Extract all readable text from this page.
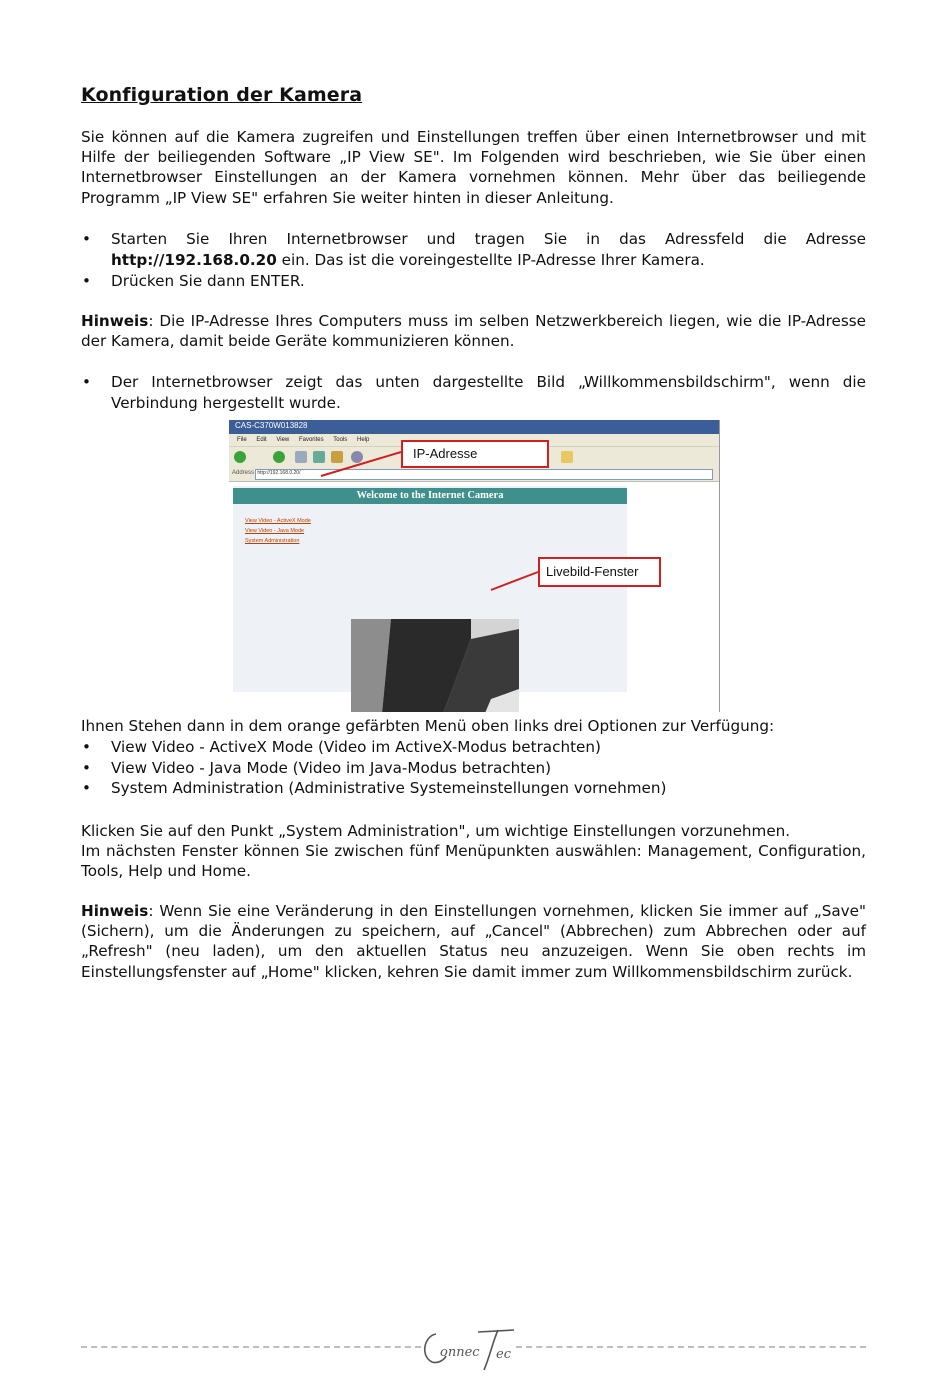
Konfiguration der Kamera

Sie können auf die Kamera zugreifen und Einstellungen treffen über einen Internetbrowser und mit Hilfe der beiliegenden Software „IP View SE". Im Folgenden wird beschrieben, wie Sie über einen Internetbrowser Einstellungen an der Kamera vornehmen können. Mehr über das beiliegende Programm „IP View SE" erfahren Sie weiter hinten in dieser Anleitung.

• Starten Sie Ihren Internetbrowser und tragen Sie in das Adressfeld die Adresse http://192.168.0.20 ein. Das ist die voreingestellte IP-Adresse Ihrer Kamera.
• Drücken Sie dann ENTER.

Hinweis: Die IP-Adresse Ihres Computers muss im selben Netzwerkbereich liegen, wie die IP-Adresse der Kamera, damit beide Geräte kommunizieren können.

• Der Internetbrowser zeigt das unten dargestellte Bild „Willkommensbildschirm", wenn die Verbindung hergestellt wurde.
Ihnen Stehen dann in dem orange gefärbten Menü oben links drei Optionen zur Verfügung:
• View Video - ActiveX Mode (Video im ActiveX-Modus betrachten)
• View Video - Java Mode (Video im Java-Modus betrachten)
• System Administration (Administrative Systemeinstellungen vornehmen)

Klicken Sie auf den Punkt „System Administration", um wichtige Einstellungen vorzunehmen.
Im nächsten Fenster können Sie zwischen fünf Menüpunkten auswählen: Management, Configuration, Tools, Help und Home.

Hinweis: Wenn Sie eine Veränderung in den Einstellungen vornehmen, klicken Sie immer auf „Save" (Sichern), um die Änderungen zu speichern, auf „Cancel" (Abbrechen) zum Abbrechen oder auf „Refresh" (neu laden), um den aktuellen Status neu anzuzeigen. Wenn Sie oben rechts im Einstellungsfenster auf „Home" klicken, kehren Sie damit immer zum Willkommensbildschirm zurück.

CAS-C370W013828
File Edit View Favorites Tools Help
Address http://192.168.0.20/
Welcome to the Internet Camera
View Video - ActiveX Mode
View Video - Java Mode
System Administration
IP-Adresse
Livebild-Fenster
onnec ec
